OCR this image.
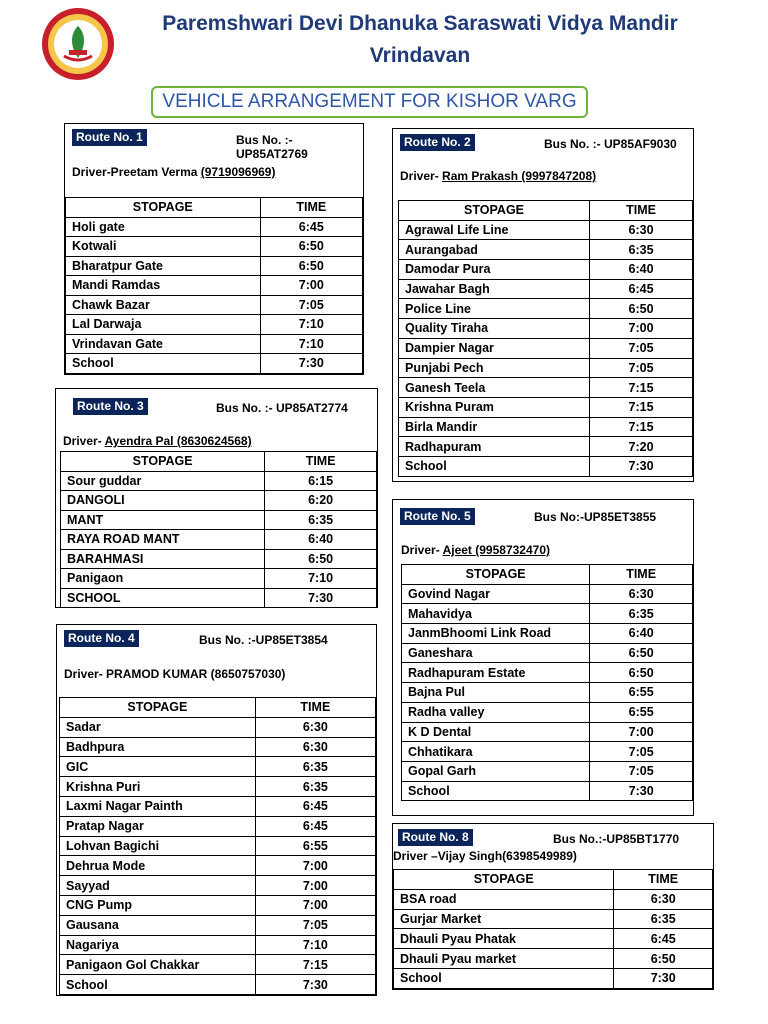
Paremshwari Devi Dhanuka Saraswati Vidya Mandir
Vrindavan
VEHICLE ARRANGEMENT FOR KISHOR VARG
Route No. 1	Bus No. :- UP85AT2769
Driver-Preetam Verma (9719096969)
STOPAGE	TIME
Holi gate	6:45
Kotwali	6:50
Bharatpur Gate	6:50
Mandi Ramdas	7:00
Chawk Bazar	7:05
Lal Darwaja	7:10
Vrindavan Gate	7:10
School	7:30
Route No. 2	Bus No. :- UP85AF9030
Driver- Ram Prakash (9997847208)
STOPAGE	TIME
Agrawal Life Line	6:30
Aurangabad	6:35
Damodar Pura	6:40
Jawahar Bagh	6:45
Police Line	6:50
Quality Tiraha	7:00
Dampier Nagar	7:05
Punjabi Pech	7:05
Ganesh Teela	7:15
Krishna Puram	7:15
Birla Mandir	7:15
Radhapuram	7:20
School	7:30
Route No. 3	Bus No. :- UP85AT2774
Driver- Ayendra Pal (8630624568)
STOPAGE	TIME
Sour guddar	6:15
DANGOLI	6:20
MANT	6:35
RAYA ROAD MANT	6:40
BARAHMASI	6:50
Panigaon	7:10
SCHOOL	7:30
Route No. 4	Bus No. :-UP85ET3854
Driver- PRAMOD KUMAR (8650757030)
STOPAGE	TIME
Sadar	6:30
Badhpura	6:30
GIC	6:35
Krishna Puri	6:35
Laxmi Nagar Painth	6:45
Pratap Nagar	6:45
Lohvan Bagichi	6:55
Dehrua Mode	7:00
Sayyad	7:00
CNG Pump	7:00
Gausana	7:05
Nagariya	7:10
Panigaon Gol Chakkar	7:15
School	7:30
Route No. 5	Bus No:-UP85ET3855
Driver- Ajeet (9958732470)
STOPAGE	TIME
Govind Nagar	6:30
Mahavidya	6:35
JanmBhoomi Link Road	6:40
Ganeshara	6:50
Radhapuram Estate	6:50
Bajna Pul	6:55
Radha valley	6:55
K D Dental	7:00
Chhatikara	7:05
Gopal Garh	7:05
School	7:30
Route No. 8	Bus No.:-UP85BT1770
Driver –Vijay Singh(6398549989)
STOPAGE	TIME
BSA road	6:30
Gurjar Market	6:35
Dhauli Pyau Phatak	6:45
Dhauli Pyau market	6:50
School	7:30
